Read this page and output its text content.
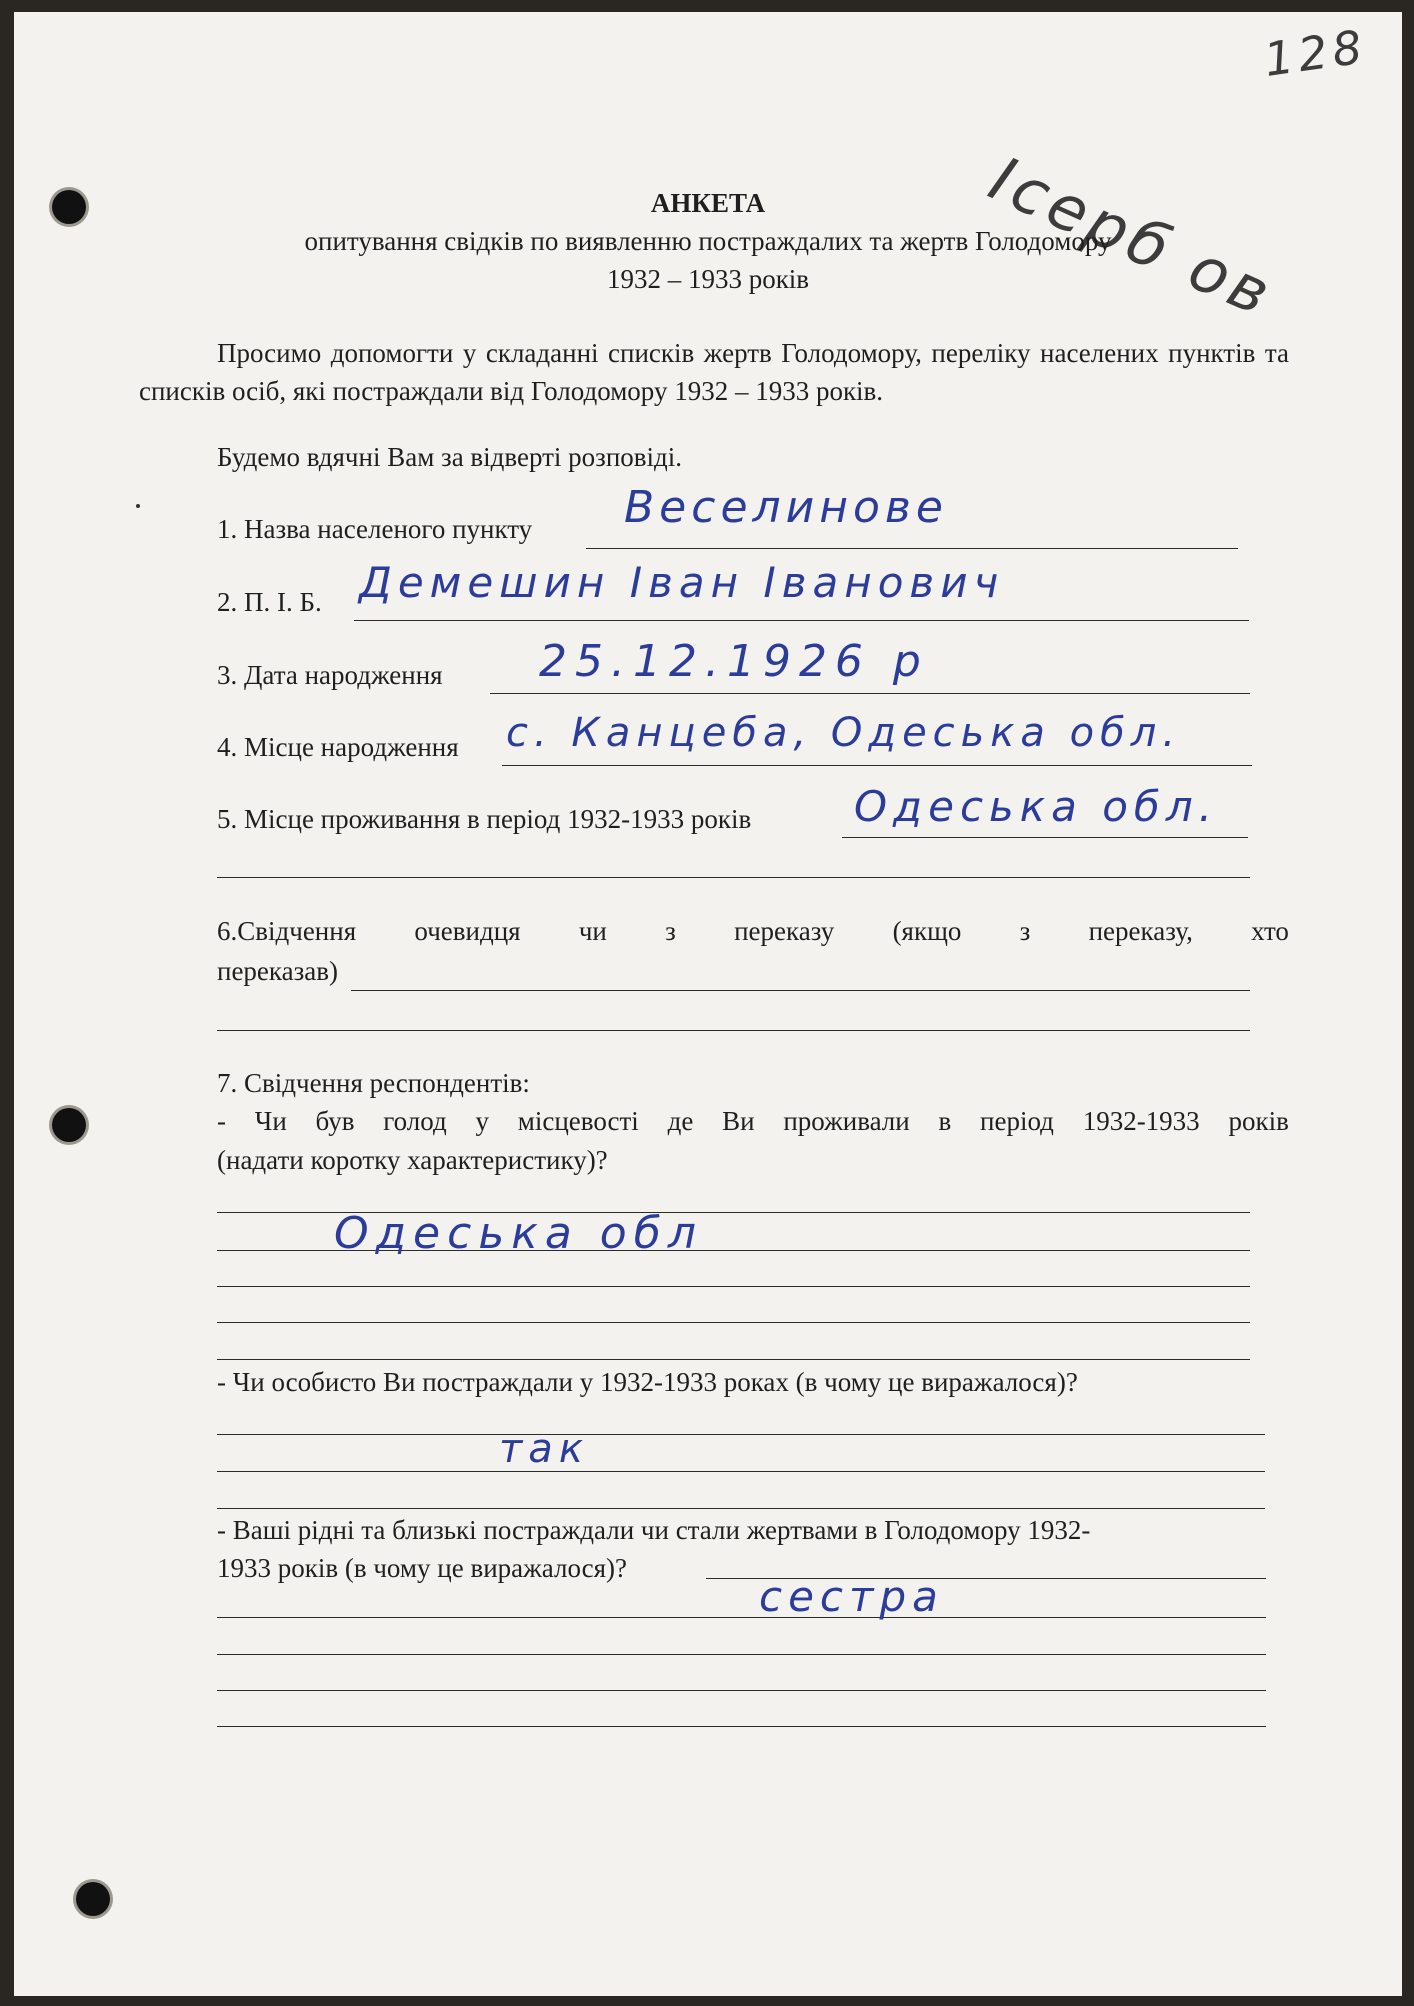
128
Ісерб ов
АНКЕТА
опитування свідків по виявленню постраждалих та жертв Голодомору
1932 – 1933 років
Просимо допомогти у складанні списків жертв Голодомору, переліку населених пунктів та списків осіб, які постраждали від Голодомору 1932 – 1933 років.
Будемо вдячні Вам за відверті розповіді.
1. Назва населеного пункту Веселинове
2. П. І. Б. Демешин Іван Іванович
3. Дата народження 25.12.1926 р
4. Місце народження с. Канцеба, Одеська обл.
5. Місце проживання в період 1932-1933 років Одеська обл.
6.Свідчення очевидця чи з переказу (якщо з переказу, хто
переказав)
7. Свідчення респондентів:
- Чи був голод у місцевості де Ви проживали в період 1932-1933 років
(надати коротку характеристику)?
Одеська обл
- Чи особисто Ви постраждали у 1932-1933 роках (в чому це виражалося)?
так
- Ваші рідні та близькі постраждали чи стали жертвами в Голодомору 1932-
1933 років (в чому це виражалося)?
сестра
